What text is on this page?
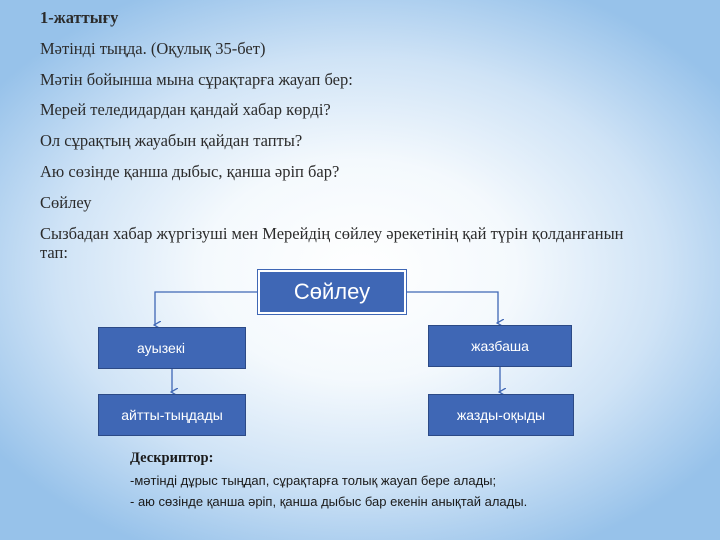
1-жаттығу
Мәтінді тыңда. (Оқулық 35-бет)
Мәтін бойынша мына сұрақтарға жауап бер:
Мерей теледидардан қандай хабар көрді?
Ол сұрақтың жауабын қайдан тапты?
Аю сөзінде қанша дыбыс, қанша әріп бар?
Сөйлеу
Сызбадан хабар жүргізуші мен Мерейдің сөйлеу әрекетінің қай түрін қолданғанын тап:
Сөйлеу
ауызекі	жазбаша
айтты-тыңдады	жазды-оқыды
Дескриптор:
-мәтінді дұрыс тыңдап, сұрақтарға толық жауап бере алады;
- аю сөзінде қанша әріп, қанша дыбыс бар екенін анықтай алады.
